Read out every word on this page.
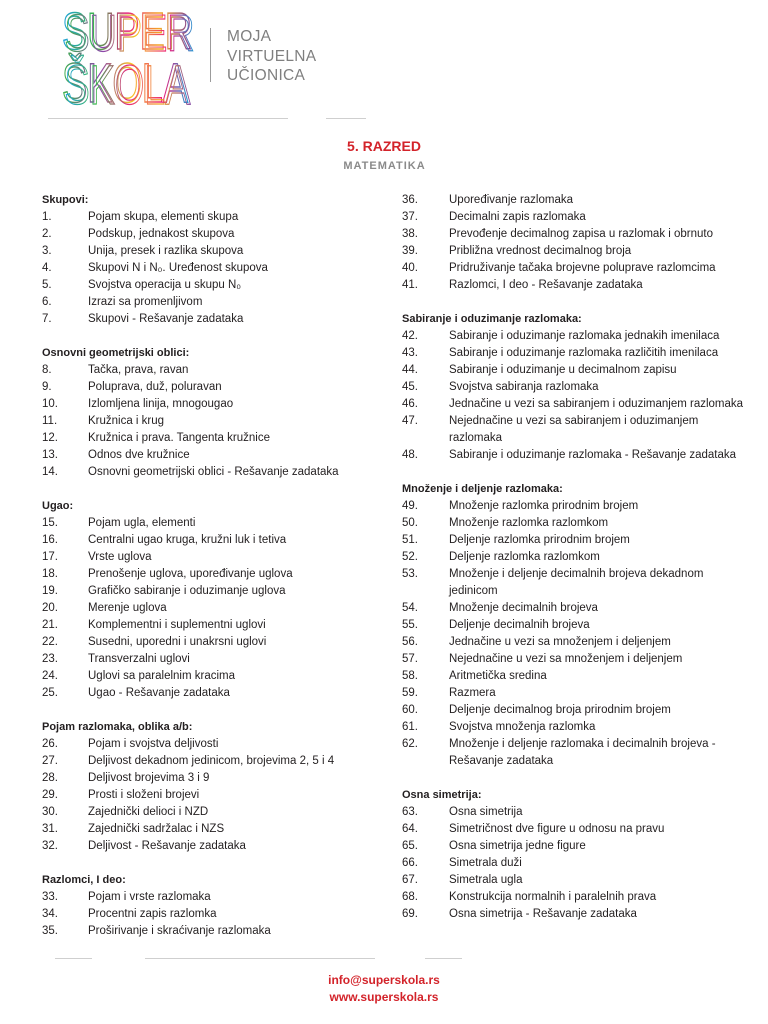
SUPER
SUPER
ŠKOLA
ŠKOLA
MOJA
VIRTUELNA
UČIONICA
5. RAZRED
MATEMATIKA
Skupovi:
1.	Pojam skupa, elementi skupa
2.	Podskup, jednakost skupova
3.	Unija, presek i razlika skupova
4.	Skupovi N i N₀. Uređenost skupova
5.	Svojstva operacija u skupu N₀
6.	Izrazi sa promenljivom
7.	Skupovi - Rešavanje zadataka
Osnovni geometrijski oblici:
8.	Tačka, prava, ravan
9.	Poluprava, duž, poluravan
10.	Izlomljena linija, mnogougao
11.	Kružnica i krug
12.	Kružnica i prava. Tangenta kružnice
13.	Odnos dve kružnice
14.	Osnovni geometrijski oblici - Rešavanje zadataka
Ugao:
15.	Pojam ugla, elementi
16.	Centralni ugao kruga, kružni luk i tetiva
17.	Vrste uglova
18.	Prenošenje uglova, upoređivanje uglova
19.	Grafičko sabiranje i oduzimanje uglova
20.	Merenje uglova
21.	Komplementni i suplementni uglovi
22.	Susedni, uporedni i unakrsni uglovi
23.	Transverzalni uglovi
24.	Uglovi sa paralelnim kracima
25.	Ugao - Rešavanje zadataka
Pojam razlomaka, oblika a/b:
26.	Pojam i svojstva deljivosti
27.	Deljivost dekadnom jedinicom, brojevima 2, 5 i 4
28.	Deljivost brojevima 3 i 9
29.	Prosti i složeni brojevi
30.	Zajednički delioci i NZD
31.	Zajednički sadržalac i NZS
32.	Deljivost - Rešavanje zadataka
Razlomci, I deo:
33.	Pojam i vrste razlomaka
34.	Procentni zapis razlomka
35.	Proširivanje i skraćivanje razlomaka
36.	Upoređivanje razlomaka
37.	Decimalni zapis razlomaka
38.	Prevođenje decimalnog zapisa u razlomak i obrnuto
39.	Približna vrednost decimalnog broja
40.	Pridruživanje tačaka brojevne poluprave razlomcima
41.	Razlomci, I deo - Rešavanje zadataka
Sabiranje i oduzimanje razlomaka:
42.	Sabiranje i oduzimanje razlomaka jednakih imenilaca
43.	Sabiranje i oduzimanje razlomaka različitih imenilaca
44.	Sabiranje i oduzimanje u decimalnom zapisu
45.	Svojstva sabiranja razlomaka
46.	Jednačine u vezi sa sabiranjem i oduzimanjem razlomaka
47.	Nejednačine u vezi sa sabiranjem i oduzimanjem razlomaka
48.	Sabiranje i oduzimanje razlomaka - Rešavanje zadataka
Množenje i deljenje razlomaka:
49.	Množenje razlomka prirodnim brojem
50.	Množenje razlomka razlomkom
51.	Deljenje razlomka prirodnim brojem
52.	Deljenje razlomka razlomkom
53.	Množenje i deljenje decimalnih brojeva dekadnom jedinicom
54.	Množenje decimalnih brojeva
55.	Deljenje decimalnih brojeva
56.	Jednačine u vezi sa množenjem i deljenjem
57.	Nejednačine u vezi sa množenjem i deljenjem
58.	Aritmetička sredina
59.	Razmera
60.	Deljenje decimalnog broja prirodnim brojem
61.	Svojstva množenja razlomka
62.	Množenje i deljenje razlomaka i decimalnih brojeva - Rešavanje zadataka
Osna simetrija:
63.	Osna simetrija
64.	Simetričnost dve figure u odnosu na pravu
65.	Osna simetrija jedne figure
66.	Simetrala duži
67.	Simetrala ugla
68.	Konstrukcija normalnih i paralelnih prava
69.	Osna simetrija - Rešavanje zadataka
info@superskola.rs
www.superskola.rs
